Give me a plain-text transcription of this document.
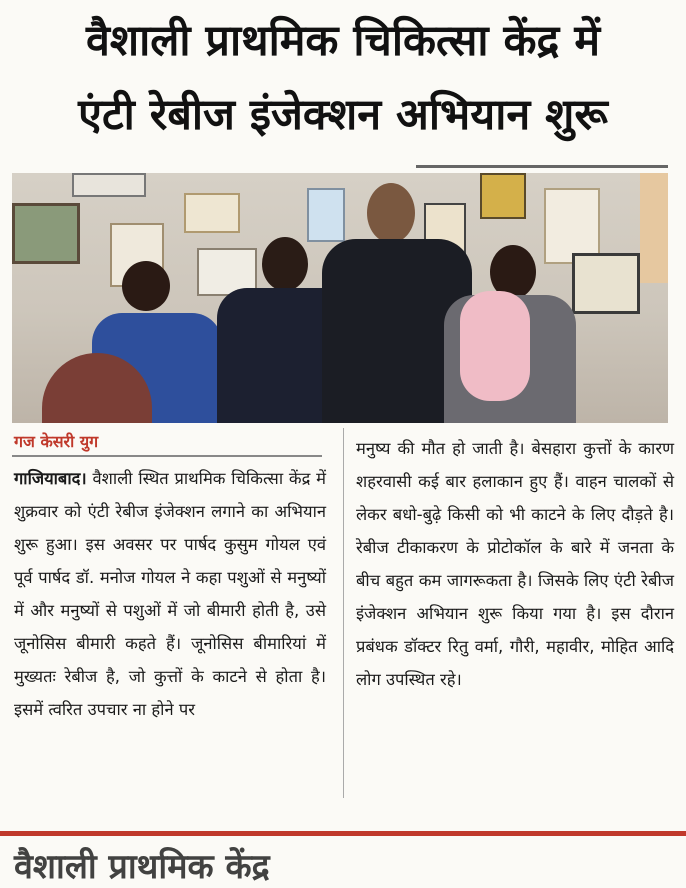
वैशाली प्राथमिक चिकित्सा केंद्र में
एंटी रेबीज इंजेक्शन अभियान शुरू
गज केसरी युग

गाजियाबाद। वैशाली स्थित प्राथमिक चिकित्सा केंद्र में शुक्रवार को एंटी रेबीज इंजेक्शन लगाने का अभियान शुरू हुआ। इस अवसर पर पार्षद कुसुम गोयल एवं पूर्व पार्षद डॉ. मनोज गोयल ने कहा पशुओं से मनुष्यों में और मनुष्यों से पशुओं में जो बीमारी होती है, उसे जूनोसिस बीमारी कहते हैं। जूनोसिस बीमारियां में मुख्यतः रेबीज है, जो कुत्तों के काटने से होता है। इसमें त्वरित उपचार ना होने पर

मनुष्य की मौत हो जाती है। बेसहारा कुत्तों के कारण शहरवासी कई बार हलाकान हुए हैं। वाहन चालकों से लेकर बधो-बुढ़े किसी को भी काटने के लिए दौड़ते है। रेबीज टीकाकरण के प्रोटोकॉल के बारे में जनता के बीच बहुत कम जागरूकता है। जिसके लिए एंटी रेबीज इंजेक्शन अभियान शुरू किया गया है। इस दौरान प्रबंधक डॉक्टर रितु वर्मा, गौरी, महावीर, मोहित आदि लोग उपस्थित रहे।

वैशाली प्राथमिक केंद्र
